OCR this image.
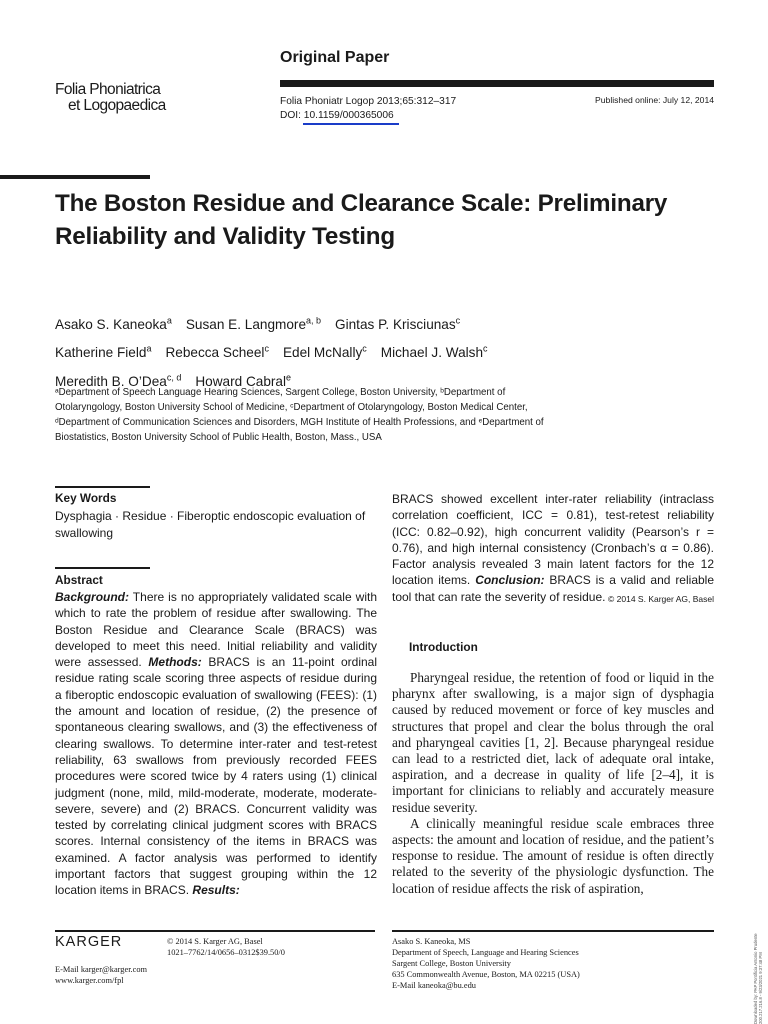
Folia Phoniatrica
et Logopaedica
Original Paper
Folia Phoniatr Logop 2013;65:312–317
DOI: 10.1159/000365006
Published online: July 12, 2014
The Boston Residue and Clearance Scale: Preliminary Reliability and Validity Testing
Asako S. Kaneoka$^a$ Susan E. Langmore$^{a, b}$ Gintas P. Krisciunas$^c$
Katherine Field$^a$ Rebecca Scheel$^c$ Edel McNally$^c$ Michael J. Walsh$^c$
Meredith B. O’Dea$^{c, d}$ Howard Cabral$^e$
ᵃDepartment of Speech Language Hearing Sciences, Sargent College, Boston University, ᵇDepartment of
Otolaryngology, Boston University School of Medicine, ᶜDepartment of Otolaryngology, Boston Medical Center,
ᵈDepartment of Communication Sciences and Disorders, MGH Institute of Health Professions, and ᵉDepartment of
Biostatistics, Boston University School of Public Health, Boston, Mass., USA
Key Words
Dysphagia · Residue · Fiberoptic endoscopic evaluation of swallowing
Abstract
Background: There is no appropriately validated scale with which to rate the problem of residue after swallowing. The Boston Residue and Clearance Scale (BRACS) was developed to meet this need. Initial reliability and validity were assessed. Methods: BRACS is an 11-point ordinal residue rating scale scoring three aspects of residue during a fiberoptic endoscopic evaluation of swallowing (FEES): (1) the amount and location of residue, (2) the presence of spontaneous clearing swallows, and (3) the effectiveness of clearing swallows. To determine inter-rater and test-retest reliability, 63 swallows from previously recorded FEES procedures were scored twice by 4 raters using (1) clinical judgment (none, mild, mild-moderate, moderate, moderate-severe, severe) and (2) BRACS. Concurrent validity was tested by correlating clinical judgment scores with BRACS scores. Internal consistency of the items in BRACS was examined. A factor analysis was performed to identify important factors that suggest grouping within the 12 location items in BRACS. Results:
BRACS showed excellent inter-rater reliability (intraclass correlation coefficient, ICC = 0.81), test-retest reliability (ICC: 0.82–0.92), high concurrent validity (Pearson’s r = 0.76), and high internal consistency (Cronbach’s α = 0.86). Factor analysis revealed 3 main latent factors for the 12 location items. Conclusion: BRACS is a valid and reliable tool that can rate the severity of residue. © 2014 S. Karger AG, Basel
Introduction

Pharyngeal residue, the retention of food or liquid in the pharynx after swallowing, is a major sign of dysphagia caused by reduced movement or force of key muscles and structures that propel and clear the bolus through the oral and pharyngeal cavities [1, 2]. Because pharyngeal residue can lead to a restricted diet, lack of adequate oral intake, aspiration, and a decrease in quality of life [2–4], it is important for clinicians to reliably and accurately measure residue severity.

A clinically meaningful residue scale embraces three aspects: the amount and location of residue, and the patient’s response to residue. The amount of residue is often directly related to the severity of the physiologic dysfunction. The location of residue affects the risk of aspiration,

KARGER	© 2014 S. Karger AG, Basel
1021–7762/14/0656–0312$39.50/0
E-Mail karger@karger.com
www.karger.com/fpl
Asako S. Kaneoka, MS
Department of Speech, Language and Hearing Sciences
Sargent College, Boston University
635 Commonwealth Avenue, Boston, MA 02215 (USA)
E-Mail kaneoka@bu.edu	Downloaded by: PAP Pontificia Antonio Prudente 200.217.216.8 - 9/23/2021 9:37:48 PM
